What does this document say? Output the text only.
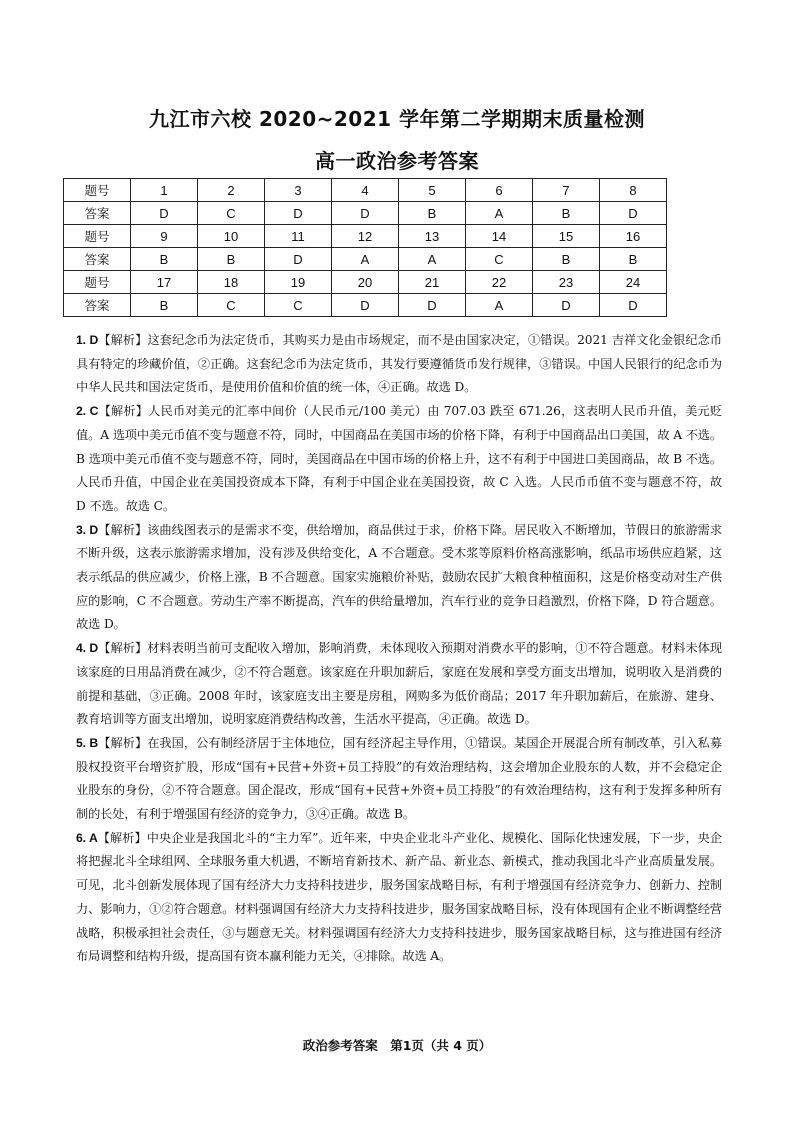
九江市六校 2020~2021 学年第二学期期末质量检测
高一政治参考答案
题号	1	2	3	4	5	6	7	8
答案	D	C	D	D	B	A	B	D
题号	9	10	11	12	13	14	15	16
答案	B	B	D	A	A	C	B	B
题号	17	18	19	20	21	22	23	24
答案	B	C	C	D	D	A	D	D

1. D【解析】这套纪念币为法定货币，其购买力是由市场规定，而不是由国家决定，①错误。2021 吉祥文化金银纪念币具有特定的珍藏价值，②正确。这套纪念币为法定货币，其发行要遵循货币发行规律，③错误。中国人民银行的纪念币为中华人民共和国法定货币，是使用价值和价值的统一体，④正确。故选 D。

2. C【解析】人民币对美元的汇率中间价（人民币元/100 美元）由 707.03 跌至 671.26，这表明人民币升值，美元贬值。A 选项中美元币值不变与题意不符，同时，中国商品在美国市场的价格下降，有利于中国商品出口美国，故 A 不选。B 选项中美元币值不变与题意不符，同时，美国商品在中国市场的价格上升，这不有利于中国进口美国商品，故 B 不选。人民币升值，中国企业在美国投资成本下降，有利于中国企业在美国投资，故 C 入选。人民币币值不变与题意不符，故 D 不选。故选 C。

3. D【解析】该曲线图表示的是需求不变，供给增加，商品供过于求，价格下降。居民收入不断增加，节假日的旅游需求不断升级，这表示旅游需求增加，没有涉及供给变化，A 不合题意。受木浆等原料价格高涨影响，纸品市场供应趋紧，这表示纸品的供应减少，价格上涨，B 不合题意。国家实施粮价补贴，鼓励农民扩大粮食种植面积，这是价格变动对生产供应的影响，C 不合题意。劳动生产率不断提高，汽车的供给量增加，汽车行业的竞争日趋激烈，价格下降，D 符合题意。故选 D。

4. D【解析】材料表明当前可支配收入增加，影响消费，未体现收入预期对消费水平的影响，①不符合题意。材料未体现该家庭的日用品消费在减少，②不符合题意。该家庭在升职加薪后，家庭在发展和享受方面支出增加，说明收入是消费的前提和基础，③正确。2008 年时，该家庭支出主要是房租，网购多为低价商品；2017 年升职加薪后，在旅游、建身、教育培训等方面支出增加，说明家庭消费结构改善，生活水平提高，④正确。故选 D。

5. B【解析】在我国，公有制经济居于主体地位，国有经济起主导作用，①错误。某国企开展混合所有制改革，引入私募股权投资平台增资扩股，形成“国有+民营+外资+员工持股”的有效治理结构，这会增加企业股东的人数，并不会稳定企业股东的身份，②不符合题意。国企混改，形成“国有+民营+外资+员工持股”的有效治理结构，这有利于发挥多种所有制的长处，有利于增强国有经济的竞争力，③④正确。故选 B。

6. A【解析】中央企业是我国北斗的“主力军”。近年来，中央企业北斗产业化、规模化、国际化快速发展，下一步，央企将把握北斗全球组网、全球服务重大机遇，不断培育新技术、新产品、新业态、新模式，推动我国北斗产业高质量发展。可见，北斗创新发展体现了国有经济大力支持科技进步，服务国家战略目标，有利于增强国有经济竞争力、创新力、控制力、影响力，①②符合题意。材料强调国有经济大力支持科技进步，服务国家战略目标，没有体现国有企业不断调整经营战略，积极承担社会责任，③与题意无关。材料强调国有经济大力支持科技进步，服务国家战略目标，这与推进国有经济布局调整和结构升级，提高国有资本赢利能力无关，④排除。故选 A。

政治参考答案　第1页（共 4 页）
